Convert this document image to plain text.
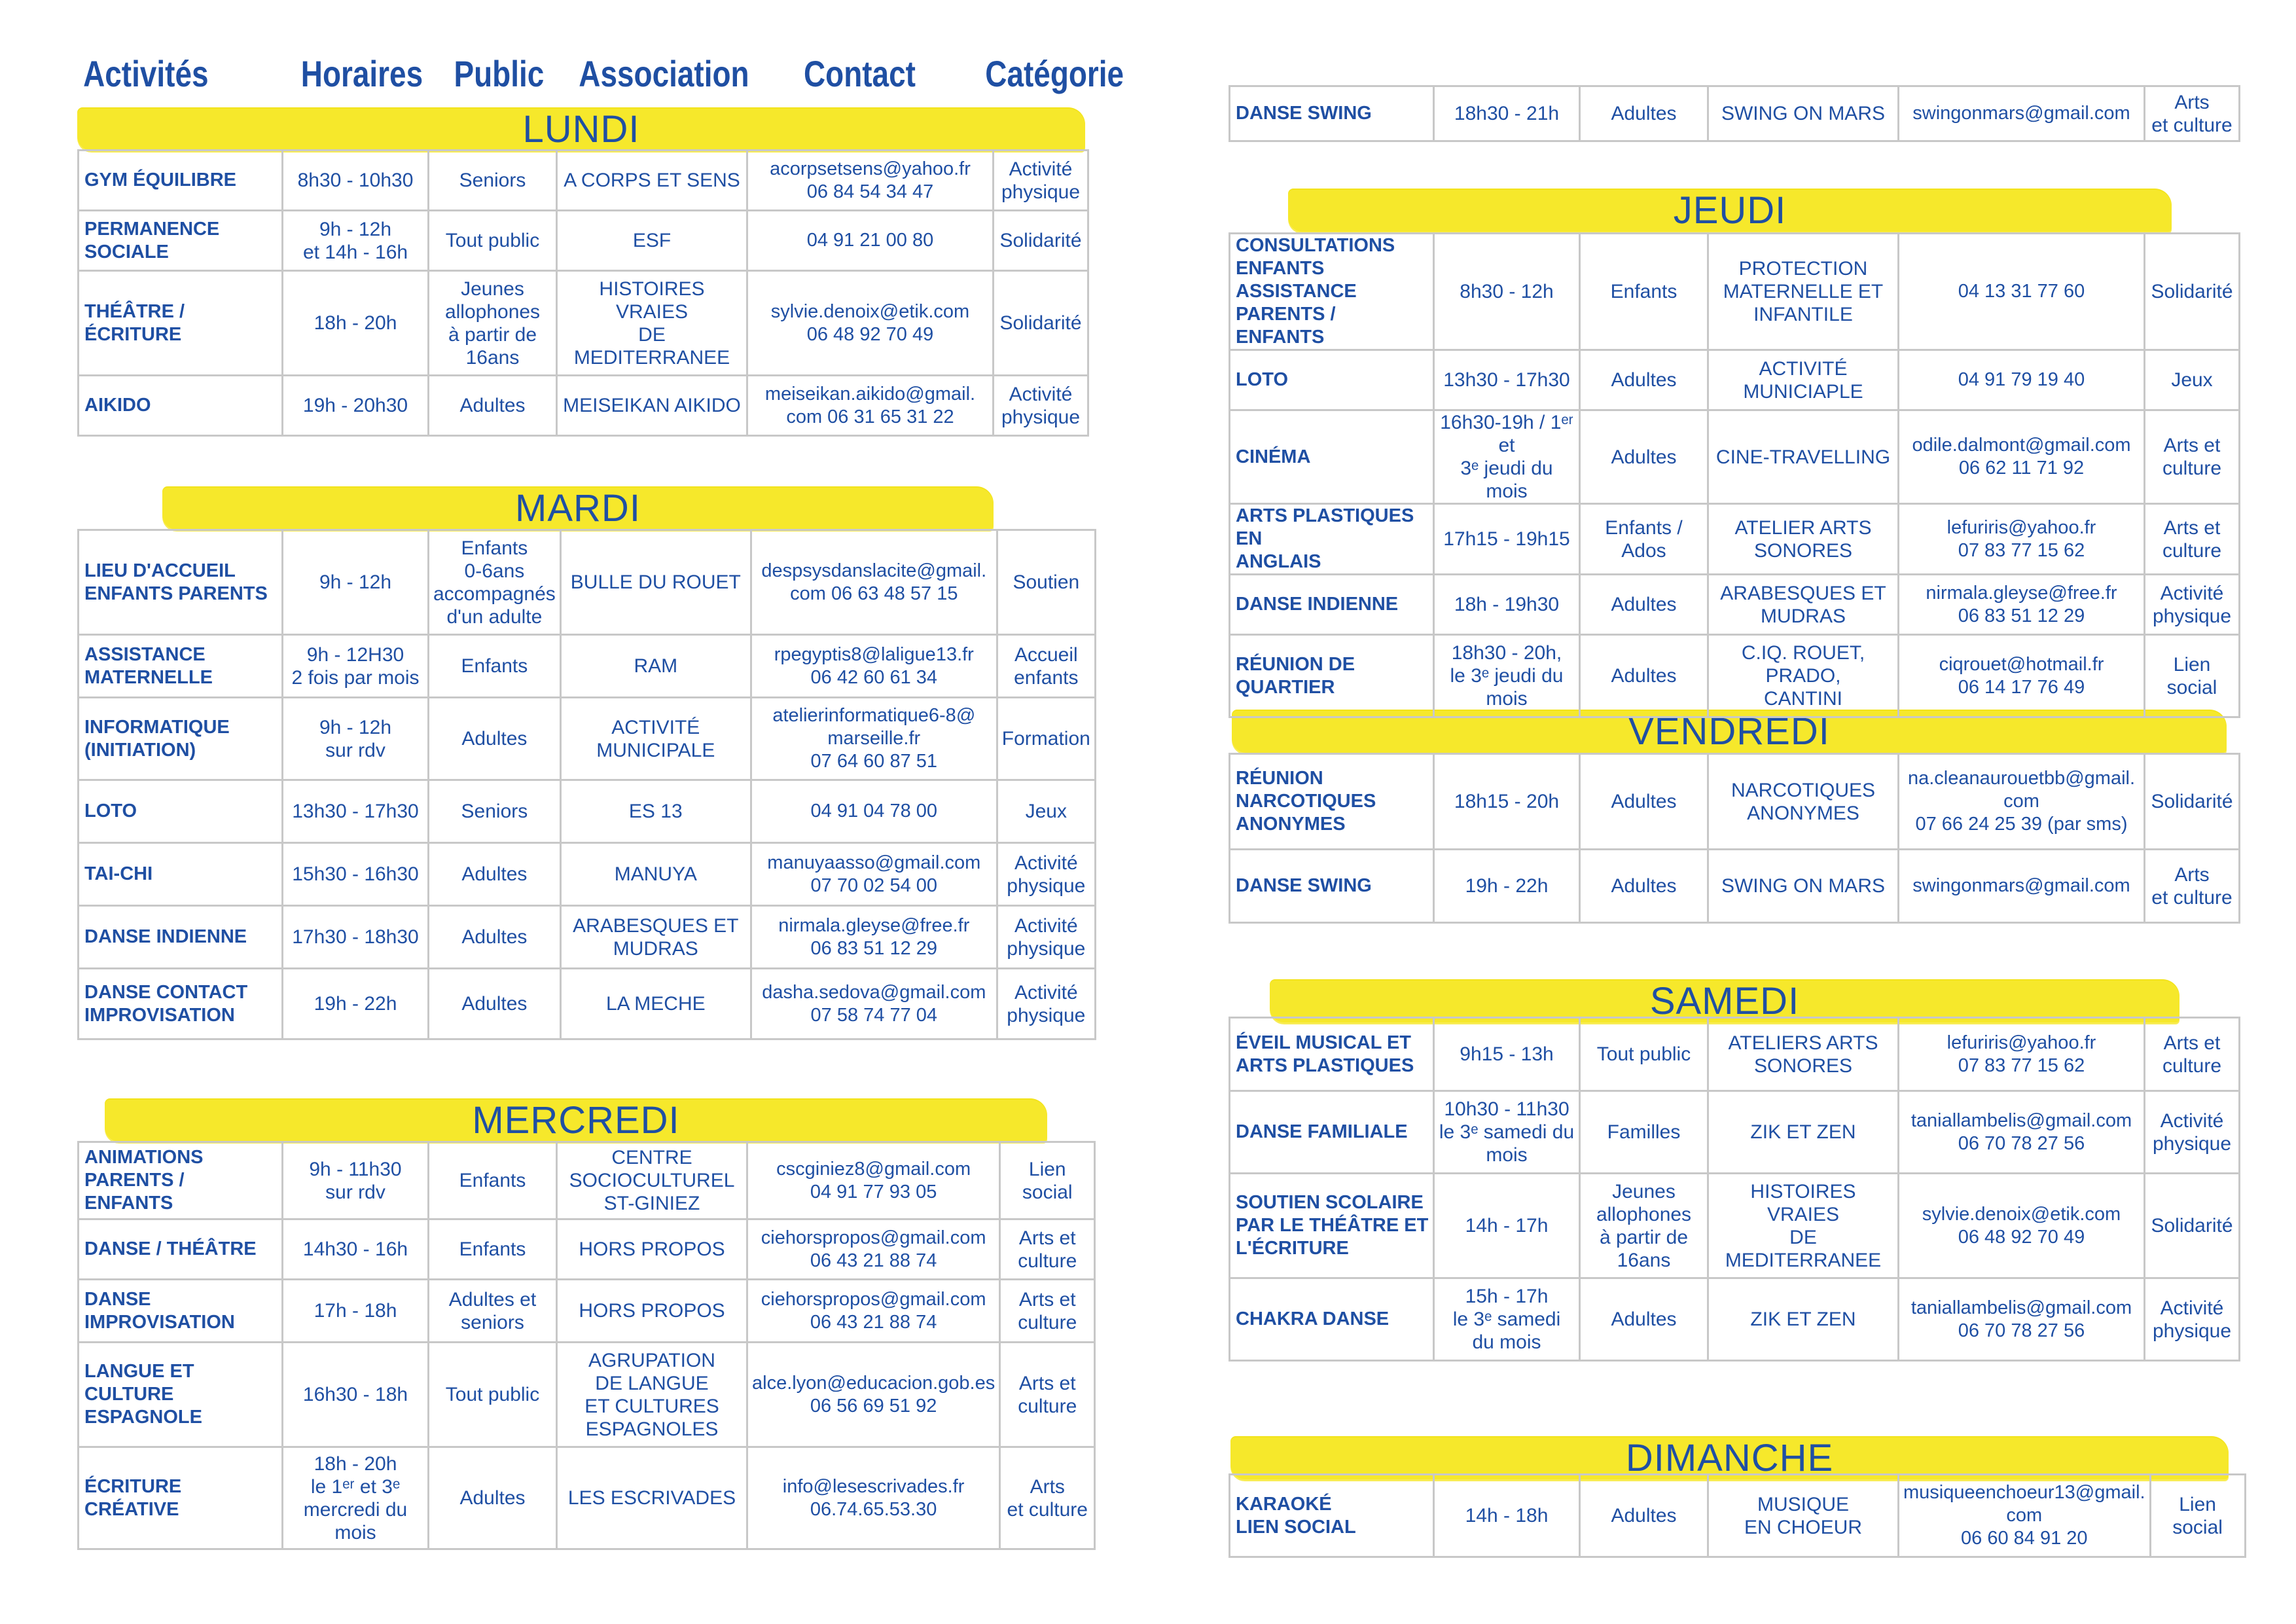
Activités	Horaires Public Association Contact Catégorie
LUNDI
MARDI
MERCREDI
JEUDI
VENDREDI
SAMEDI
DIMANCHE
GYM ÉQUILIBRE	8h30 - 10h30	Seniors	A CORPS ET SENS	acorpsetsens@yahoo.fr
06 84 54 34 47	Activité
physique
PERMANENCE
SOCIALE	9h - 12h
et 14h - 16h	Tout public	ESF	04 91 21 00 80	Solidarité
THÉÂTRE / ÉCRITURE	18h - 20h	Jeunes
allophones
à partir de
16ans	HISTOIRES VRAIES
DE MEDITERRANEE	sylvie.denoix@etik.com
06 48 92 70 49	Solidarité
AIKIDO	19h - 20h30	Adultes	MEISEIKAN AIKIDO	meiseikan.aikido@gmail.
com 06 31 65 31 22	Activité
physique
LIEU D'ACCUEIL
ENFANTS PARENTS	9h - 12h	Enfants
0-6ans
accompagnés
d'un adulte	BULLE DU ROUET	despsysdanslacite@gmail.
com 06 63 48 57 15	Soutien
ASSISTANCE
MATERNELLE	9h - 12H30
2 fois par mois	Enfants	RAM	rpegyptis8@laligue13.fr
06 42 60 61 34	Accueil
enfants
INFORMATIQUE
(INITIATION)	9h - 12h
sur rdv	Adultes	ACTIVITÉ
MUNICIPALE	atelierinformatique6-8@
marseille.fr
07 64 60 87 51	Formation
LOTO	13h30 - 17h30	Seniors	ES 13	04 91 04 78 00	Jeux
TAI-CHI	15h30 - 16h30	Adultes	MANUYA	manuyaasso@gmail.com
07 70 02 54 00	Activité
physique
DANSE INDIENNE	17h30 - 18h30	Adultes	ARABESQUES ET
MUDRAS	nirmala.gleyse@free.fr
06 83 51 12 29	Activité
physique
DANSE CONTACT
IMPROVISATION	19h - 22h	Adultes	LA MECHE	dasha.sedova@gmail.com
07 58 74 77 04	Activité
physique
ANIMATIONS
PARENTS / ENFANTS	9h - 11h30
sur rdv	Enfants	CENTRE
SOCIOCULTUREL
ST-GINIEZ	cscginiez8@gmail.com
04 91 77 93 05	Lien
social
DANSE / THÉÂTRE	14h30 - 16h	Enfants	HORS PROPOS	ciehorspropos@gmail.com
06 43 21 88 74	Arts et
culture
DANSE
IMPROVISATION	17h - 18h	Adultes et
seniors	HORS PROPOS	ciehorspropos@gmail.com
06 43 21 88 74	Arts et
culture
LANGUE ET CULTURE
ESPAGNOLE	16h30 - 18h	Tout public	AGRUPATION
DE LANGUE
ET CULTURES
ESPAGNOLES	alce.lyon@educacion.gob.es
06 56 69 51 92	Arts et
culture
ÉCRITURE CRÉATIVE	18h - 20h
le 1ᵉʳ et 3ᵉ
mercredi du
mois	Adultes	LES ESCRIVADES	info@lesescrivades.fr
06.74.65.53.30	Arts
et culture
DANSE SWING	18h30 - 21h	Adultes	SWING ON MARS	swingonmars@gmail.com	Arts
et culture
CONSULTATIONS
ENFANTS ASSISTANCE
PARENTS / ENFANTS	8h30 - 12h	Enfants	PROTECTION
MATERNELLE ET
INFANTILE	04 13 31 77 60	Solidarité
LOTO	13h30 - 17h30	Adultes	ACTIVITÉ
MUNICIAPLE	04 91 79 19 40	Jeux
CINÉMA	16h30-19h / 1ᵉʳ et
3ᵉ jeudi du mois	Adultes	CINE-TRAVELLING	odile.dalmont@gmail.com
06 62 11 71 92	Arts et
culture
ARTS PLASTIQUES EN
ANGLAIS	17h15 - 19h15	Enfants /
Ados	ATELIER ARTS
SONORES	lefuriris@yahoo.fr
07 83 77 15 62	Arts et
culture
DANSE INDIENNE	18h - 19h30	Adultes	ARABESQUES ET
MUDRAS	nirmala.gleyse@free.fr
06 83 51 12 29	Activité
physique
RÉUNION DE
QUARTIER	18h30 - 20h,
le 3ᵉ jeudi du
mois	Adultes	C.IQ. ROUET, PRADO,
CANTINI	ciqrouet@hotmail.fr
06 14 17 76 49	Lien
social
RÉUNION
NARCOTIQUES
ANONYMES	18h15 - 20h	Adultes	NARCOTIQUES
ANONYMES	na.cleanaurouetbb@gmail.
com
07 66 24 25 39 (par sms)	Solidarité
DANSE SWING	19h - 22h	Adultes	SWING ON MARS	swingonmars@gmail.com	Arts
et culture
ÉVEIL MUSICAL ET
ARTS PLASTIQUES	9h15 - 13h	Tout public	ATELIERS ARTS
SONORES	lefuriris@yahoo.fr
07 83 77 15 62	Arts et
culture
DANSE FAMILIALE	10h30 - 11h30
le 3ᵉ samedi du
mois	Familles	ZIK ET ZEN	taniallambelis@gmail.com
06 70 78 27 56	Activité
physique
SOUTIEN SCOLAIRE
PAR LE THÉÂTRE ET
L'ÉCRITURE	14h - 17h	Jeunes
allophones
à partir de
16ans	HISTOIRES VRAIES
DE MEDITERRANEE	sylvie.denoix@etik.com
06 48 92 70 49	Solidarité
CHAKRA DANSE	15h - 17h
le 3ᵉ samedi
du mois	Adultes	ZIK ET ZEN	taniallambelis@gmail.com
06 70 78 27 56	Activité
physique
KARAOKÉ
LIEN SOCIAL	14h - 18h	Adultes	MUSIQUE
EN CHOEUR	musiqueenchoeur13@gmail.
com
06 60 84 91 20	Lien
social
